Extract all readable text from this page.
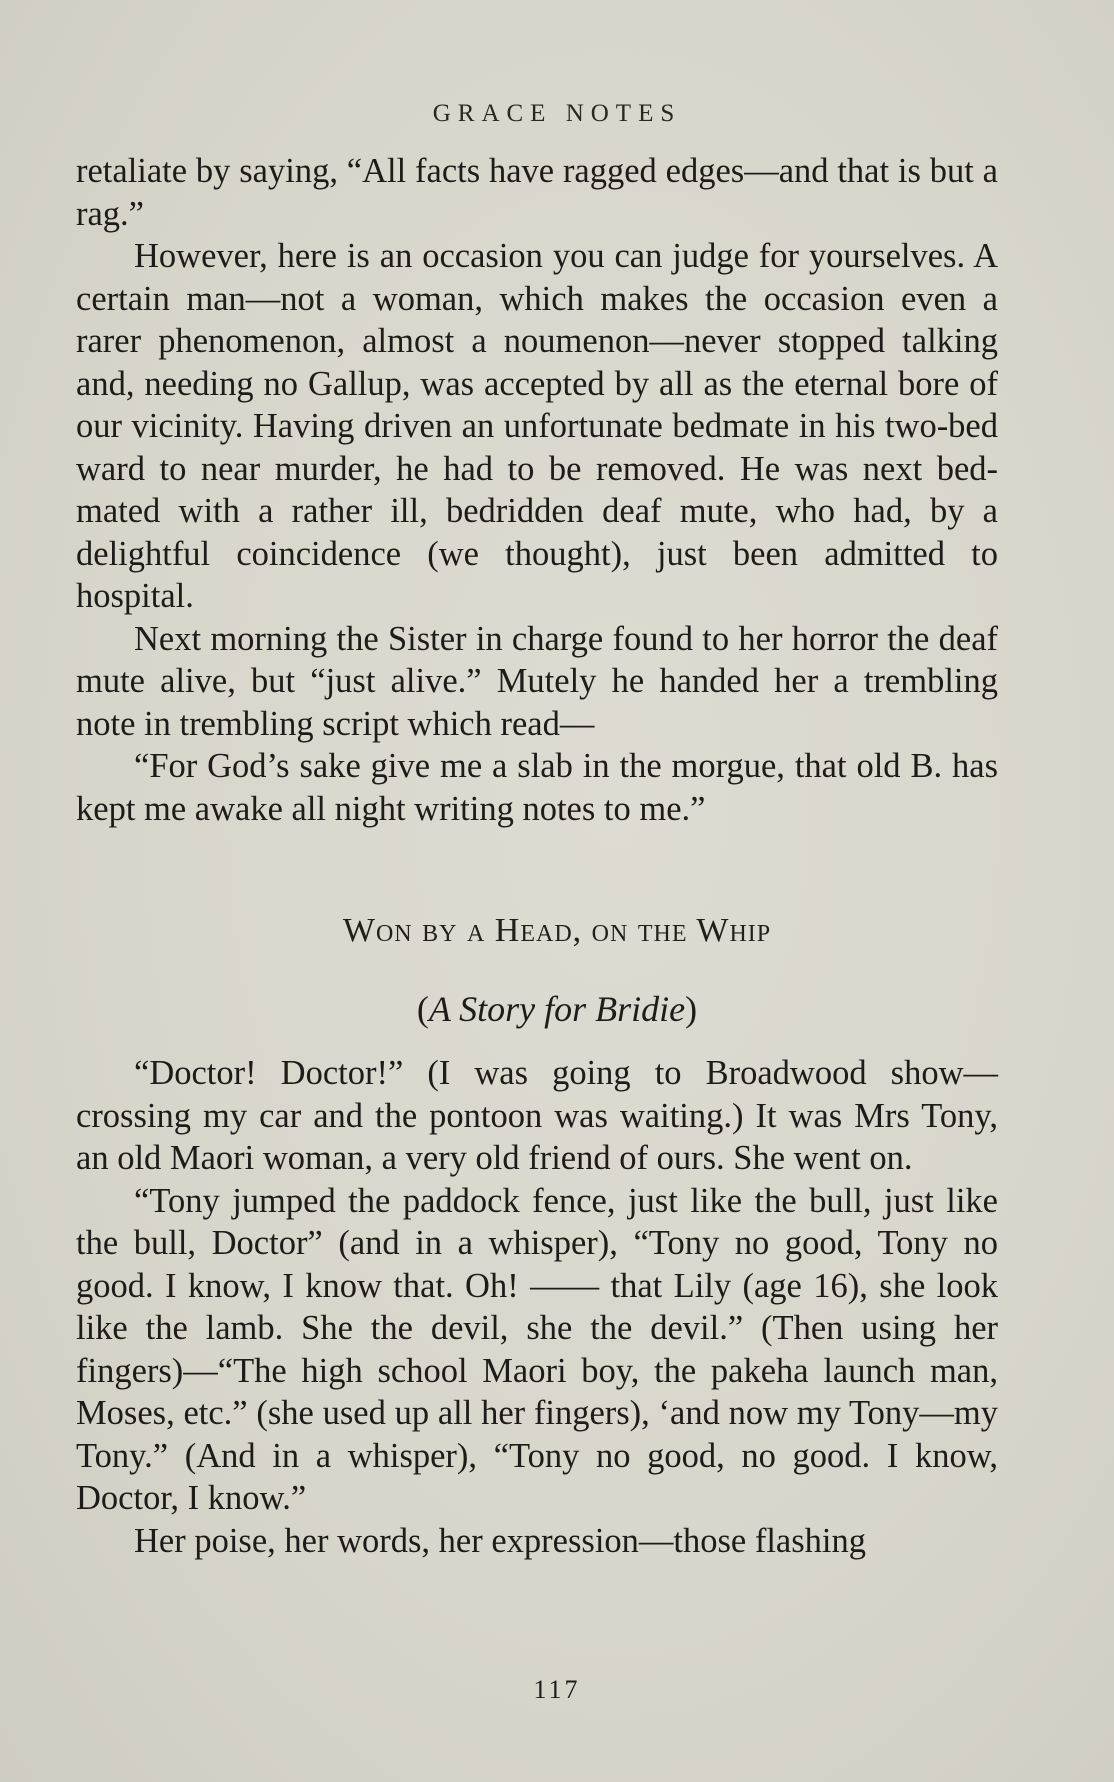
GRACE NOTES

retaliate by saying, “All facts have ragged edges—and that is but a rag.”

However, here is an occasion you can judge for yourselves. A certain man—not a woman, which makes the occasion even a rarer phenomenon, almost a noumenon—never stopped talking and, needing no Gallup, was accepted by all as the eternal bore of our vicinity. Having driven an unfortunate bedmate in his two-bed ward to near murder, he had to be removed. He was next bed-mated with a rather ill, bedridden deaf mute, who had, by a delightful coincidence (we thought), just been admitted to hospital.

Next morning the Sister in charge found to her horror the deaf mute alive, but “just alive.” Mutely he handed her a trembling note in trembling script which read—

“For God’s sake give me a slab in the morgue, that old B. has kept me awake all night writing notes to me.”

Won by a Head, on the Whip
(A Story for Bridie)

“Doctor! Doctor!” (I was going to Broadwood show—crossing my car and the pontoon was waiting.) It was Mrs Tony, an old Maori woman, a very old friend of ours. She went on.

“Tony jumped the paddock fence, just like the bull, just like the bull, Doctor” (and in a whisper), “Tony no good, Tony no good. I know, I know that. Oh! —— that Lily (age 16), she look like the lamb. She the devil, she the devil.” (Then using her fingers)—“The high school Maori boy, the pakeha launch man, Moses, etc.” (she used up all her fingers), ‘and now my Tony—my Tony.” (And in a whisper), “Tony no good, no good. I know, Doctor, I know.”

Her poise, her words, her expression—those flashing

117
